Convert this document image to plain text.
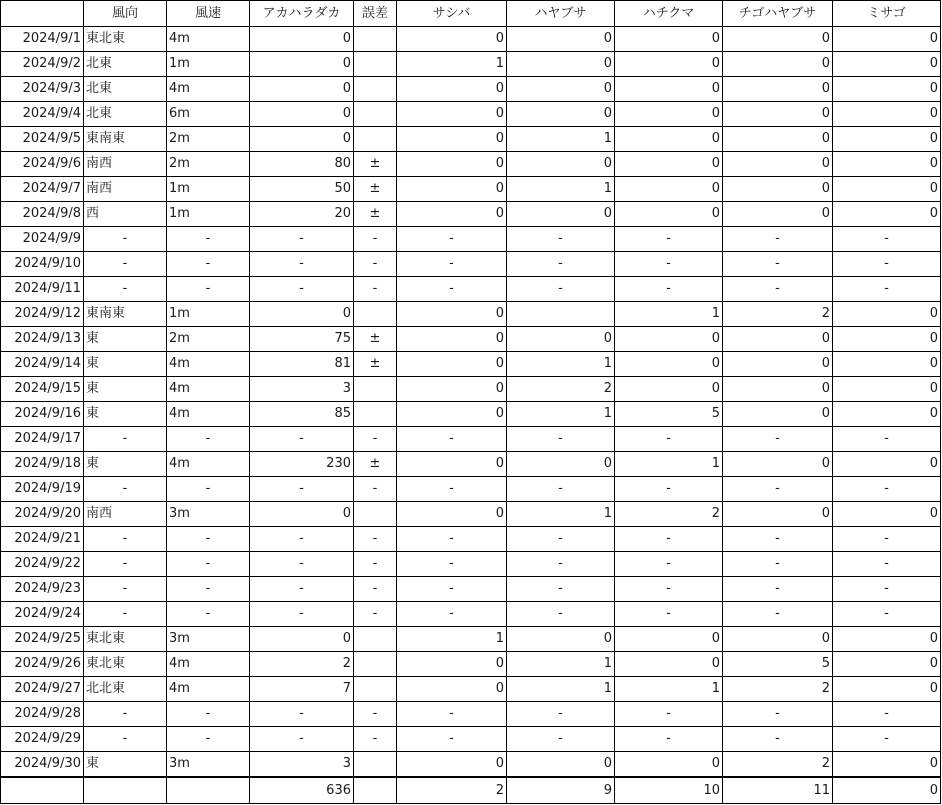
	風向	風速	アカハラダカ	誤差	サシバ	ハヤブサ	ハチクマ	チゴハヤブサ	ミサゴ
2024/9/1	東北東	4m	0		0	0	0	0	0
2024/9/2	北東	1m	0		1	0	0	0	0
2024/9/3	北東	4m	0		0	0	0	0	0
2024/9/4	北東	6m	0		0	0	0	0	0
2024/9/5	東南東	2m	0		0	1	0	0	0
2024/9/6	南西	2m	80	±	0	0	0	0	0
2024/9/7	南西	1m	50	±	0	1	0	0	0
2024/9/8	西	1m	20	±	0	0	0	0	0
2024/9/9	-	-	-	-	-	-	-	-	-
2024/9/10	-	-	-	-	-	-	-	-	-
2024/9/11	-	-	-	-	-	-	-	-	-
2024/9/12	東南東	1m	0		0		1	2	0
2024/9/13	東	2m	75	±	0	0	0	0	0
2024/9/14	東	4m	81	±	0	1	0	0	0
2024/9/15	東	4m	3		0	2	0	0	0
2024/9/16	東	4m	85		0	1	5	0	0
2024/9/17	-	-	-	-	-	-	-	-	-
2024/9/18	東	4m	230	±	0	0	1	0	0
2024/9/19	-	-	-	-	-	-	-	-	-
2024/9/20	南西	3m	0		0	1	2	0	0
2024/9/21	-	-	-	-	-	-	-	-	-
2024/9/22	-	-	-	-	-	-	-	-	-
2024/9/23	-	-	-	-	-	-	-	-	-
2024/9/24	-	-	-	-	-	-	-	-	-
2024/9/25	東北東	3m	0		1	0	0	0	0
2024/9/26	東北東	4m	2		0	1	0	5	0
2024/9/27	北北東	4m	7		0	1	1	2	0
2024/9/28	-	-	-	-	-	-	-	-	-
2024/9/29	-	-	-	-	-	-	-	-	-
2024/9/30	東	3m	3		0	0	0	2	0
			636		2	9	10	11	0
